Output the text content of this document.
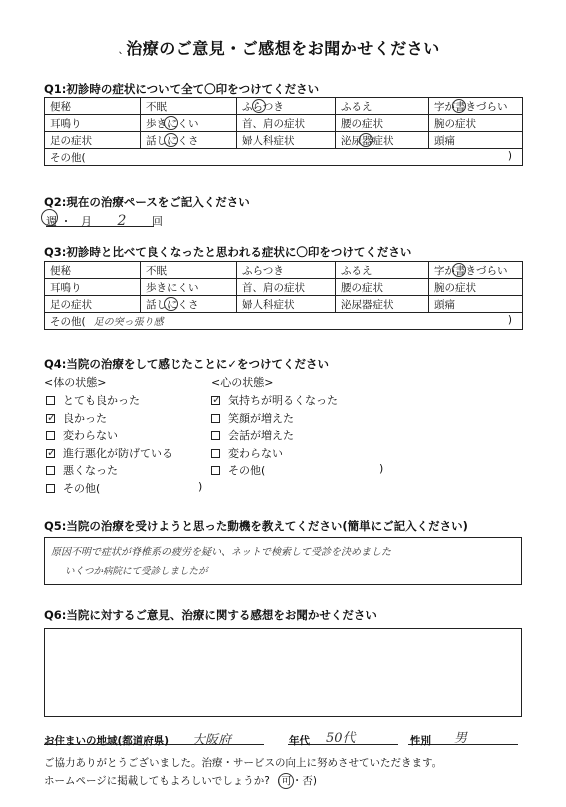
ˎ 治療のご意見・ご感想をお聞かせください
Q1:初診時の症状について全て〇印をつけてください
便秘	不眠	ふらつき	ふるえ	字が書きづらい

耳鳴り	歩きにくい	首、肩の症状	腰の症状	腕の症状
足の症状	話しにくさ	婦人科症状	泌尿器症状	頭痛
その他( )				
Q2:現在の治療ペースをご記入ください
週 ・ 月 2 回
Q3:初診時と比べて良くなったと思われる症状に〇印をつけてください
便秘	不眠	ふらつき	ふるえ	字が書きづらい

耳鳴り	歩きにくい	首、肩の症状	腰の症状	腕の症状
足の症状	話しにくさ	婦人科症状	泌尿器症状	頭痛
その他( 足の突っ張り感 )				
Q4:当院の治療をして感じたことに✓をつけてください
<体の状態>	<心の状態>
とても良かった
✓ 良かった
変わらない
✓ 進行悪化が防げている
悪くなった
その他(	)
✓ 気持ちが明るくなった
笑顔が増えた
会話が増えた
変わらない
その他(	)
Q5:当院の治療を受けようと思った動機を教えてください(簡単にご記入ください)
原因不明で症状が脊椎系の疲労を疑い、ネットで検索して受診を決めました
いくつか病院にて受診しましたが
Q6:当院に対するご意見、治療に関する感想をお聞かせください
お住まいの地域(都道府県) 大阪府	年代 50代	性別 男
ご協力ありがとうございました。治療・サービスの向上に努めさせていただきます。
ホームページに掲載してもよろしいでしょうか? (可
・否)
